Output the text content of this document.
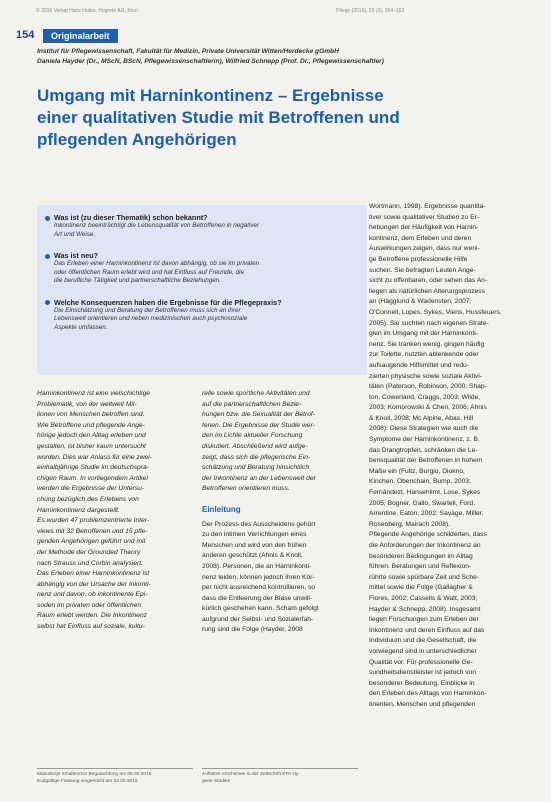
© 2016 Verlag Hans Huber, Hogrefe AG, Bern	Pflege (2016), 29 (3), 154–163
154	Originalarbeit
Institut für Pflegewissenschaft, Fakultät für Medizin, Private Universität Witten/Herdecke gGmbH
Daniela Hayder (Dr., MScN, BScN, Pflegewissenschaftlerin), Wilfried Schnepp (Prof. Dr., Pflegewissenschaftler)
Umgang mit Harninkontinenz – Ergebnisse
einer qualitativen Studie mit Betroffenen und
pflegenden Angehörigen
Was ist (zu dieser Thematik) schon bekannt?
Inkontinenz beeinträchtigt die Lebensqualität von Betroffenen in negativer
Art und Weise.
Was ist neu?
Das Erleben einer Harninkontinenz ist davon abhängig, ob sie im privaten
oder öffentlichen Raum erlebt wird und hat Einfluss auf Freunde, die
die berufliche Tätigkeit und partnerschaftliche Beziehungen.
Welche Konsequenzen haben die Ergebnisse für die Pflegepraxis?
Die Einschätzung und Beratung der Betroffenen muss sich an ihrer
Lebenswelt orientieren und neben medizinischen auch psychosoziale
Aspekte umfassen.
Harninkontinenz ist eine vielschichtige
Problematik, von der weltweit Mil-
lionen von Menschen betroffen sind.
Wie Betroffene und pflegende Ange-
hörige jedoch den Alltag erleben und
gestalten, ist bisher kaum untersucht
worden. Dies war Anlass für eine zwei-
einhalbjährige Studie im deutschspra-
chigen Raum. In vorliegendem Artikel
werden die Ergebnisse der Untersu-
chung bezüglich des Erlebens von
Harninkontinenz dargestellt.
Es wurden 47 problemzentrierte Inter-
views mit 32 Betroffenen und 15 pfle-
genden Angehörigen geführt und mit
der Methode der Grounded Theory
nach Strauss und Corbin analysiert.
Das Erleben einer Harninkontinenz ist
abhängig von der Ursache der Inkonti-
nenz und davon, ob inkontinente Epi-
soden im privaten oder öffentlichen
Raum erlebt werden. Die Inkontinenz
selbst hat Einfluss auf soziale, kultu-
relle sowie sportliche Aktivitäten und
auf die partnerschaftlichen Bezie-
hungen bzw. die Sexualität der Betrof-
fenen. Die Ergebnisse der Studie wer-
den im Lichte aktueller Forschung
diskutiert. Abschließend wird aufge-
zeigt, dass sich die pflegerische Ein-
schätzung und Beratung hinsichtlich
der Inkontinenz an der Lebenswelt der
Betroffenen orientieren muss.
Einleitung
Der Prozess des Ausscheidens gehört
zu den intimen Verrichtungen eines
Menschen und wird von den frühen
anderen geschützt (Ahnis & Knoll,
2008). Personen, die an Harninkonti-
nenz leiden, können jedoch ihren Kör-
per nicht ausreichend kontrollieren, so
dass die Entleerung der Blase unwill-
kürlich geschehen kann. Scham gefolgt
aufgrund der Selbst- und Sozialerfah-
rung sind die Folge (Hayder, 2008
Wortmann, 1998). Ergebnisse quantita-
tiver sowie qualitativer Studien zu Er-
hebungen der Häufigkeit von Harnin-
kontinenz, dem Erleben und deren
Auswirkungen zeigen, dass nur weni-
ge Betroffene professionelle Hilfe
suchen. Sie befragten Leuten Ange-
sicht zu offenbaren, oder sehen das An-
liegen als natürlichen Alterungsprozess
an (Hägglund & Wadensten, 2007;
O'Connell, Lopes, Sykes, Viens, Hussfeuers,
2005). Sie suchten nach eigenen Strate-
gien im Umgang mit der Harninkonti-
nenz. Sie tranken wenig, gingen häufig
zur Toilette, nutzten ablenkende oder
aufsaugende Hilfsmittel und redu-
zierten physische sowie soziale Aktivi-
täten (Paterson, Robinson, 2000; Shap-
ton, Cowerland, Craggs, 2003; Wilde,
2003; Komorowski & Chen, 2006; Ahnis
& Knoll, 2008; Mc Alpine, Abas, Hill
2008). Diese Strategien wie auch die
Symptome der Harninkontinenz, z. B.
das Drangtropfen, schränken die Le-
bensqualität der Betroffenen in hohem
Maße ein (Fultz, Burgio, Diokno,
Kinchen, Obenchain, Bump, 2003;
Fernándezt, Hansehlimt, Lose, Sykes
2005; Bogner, Gallo, Swartell, Ford,
Arrentine, Eaton, 2002; Savage, Miller,
Rosenberg, Mairach 2008).
Pflegende Angehörige schilderten, dass
die Anforderungen der Inkontinenz an
besonderen Bedingungen im Alltag
führen. Beratungen und Reflexion-
rührte sowie spürbare Zeit und Sche-
mittel sowie die Folge (Gallagher &
Flores, 2002; Cassells & Watt, 2003;
Hayder & Schnepp, 2008). Insgesamt
liegen Forschungen zum Erleben der
Inkontinenz und deren Einfluss auf das
Individuum und die Gesellschaft, die
vorwiegend sind in unterschiedlicher
Qualität vor. Für professionelle Ge-
sundheitsdienstleister ist jedoch von
besonderer Bedeutung, Einblicke in
den Erleben des Alltags von Harninkon-
tinenten, Menschen und pflegenden
Manuskript erhalten/zur Begutachtung am 05.02.2016
Endgültige Fassung eingereicht am 22.02.2016
Aufsätze erscheinen in der Zeitschrift EPA Hy-
gene Studien
